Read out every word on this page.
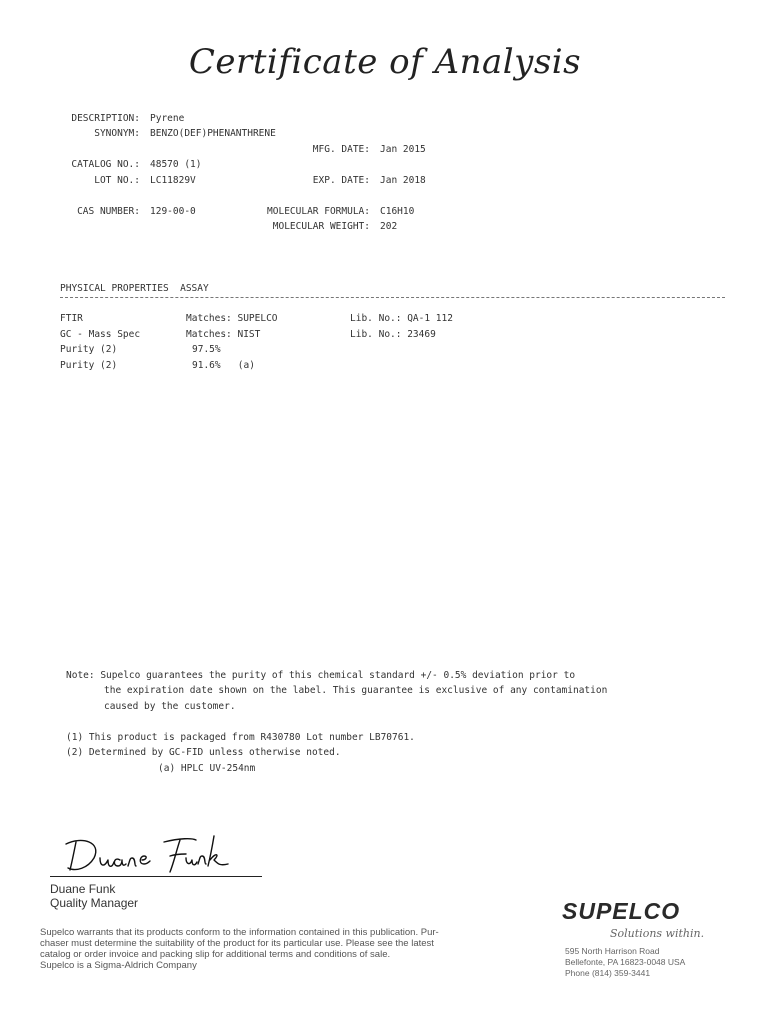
Certificate of Analysis
DESCRIPTION: Pyrene
SYNONYM: BENZO(DEF)PHENANTHRENE
MFG. DATE: Jan 2015
CATALOG NO.: 48570 (1)
LOT NO.: LC11829V	EXP. DATE: Jan 2018
CAS NUMBER: 129-00-0	MOLECULAR FORMULA: C16H10
MOLECULAR WEIGHT: 202
PHYSICAL PROPERTIES  ASSAY
FTIR	Matches: SUPELCO	Lib. No.: QA-1 112
GC - Mass Spec	Matches: NIST	Lib. No.: 23469
Purity (2)	97.5%
Purity (2)	91.6%   (a)
Note: Supelco guarantees the purity of this chemical standard +/- 0.5% deviation prior to
the expiration date shown on the label. This guarantee is exclusive of any contamination
caused by the customer.
(1) This product is packaged from R430780 Lot number LB70761.
(2) Determined by GC-FID unless otherwise noted.
(a) HPLC UV-254nm
Duane Funk
Quality Manager
Supelco warrants that its products conform to the information contained in this publication. Pur-
chaser must determine the suitability of the product for its particular use. Please see the latest
catalog or order invoice and packing slip for additional terms and conditions of sale.
Supelco is a Sigma-Aldrich Company
SUPELCO
Solutions within.
595 North Harrison Road
Bellefonte, PA 16823-0048 USA
Phone (814) 359-3441
